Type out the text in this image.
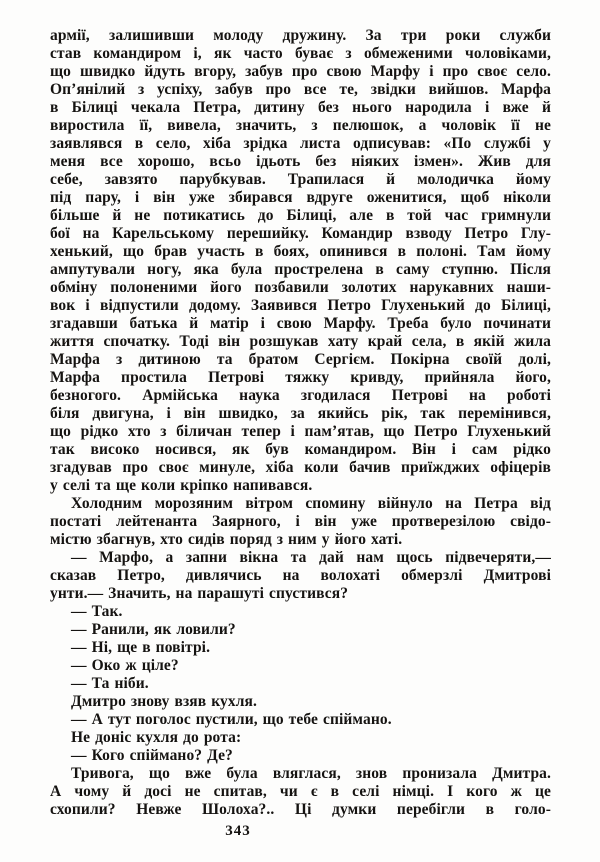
армії, залишивши молоду дружину. За три роки служби
став командиром і, як часто буває з обмеженими чоловіками,
що швидко йдуть вгору, забув про свою Марфу і про своє село.
Оп’янілий з успіху, забув про все те, звідки вийшов. Марфа
в Білиці чекала Петра, дитину без нього народила і вже й
виростила її, вивела, значить, з пелюшок, а чоловік її не
заявлявся в село, хіба зрідка листа одписував: «По службі у
меня все хорошо, всьо ідьоть без ніяких ізмен». Жив для
себе, завзято парубкував. Трапилася й молодичка йому
під пару, і він уже збирався вдруге оженитися, щоб ніколи
більше й не потикатись до Білиці, але в той час гримнули
бої на Карельському перешийку. Командир взводу Петро Глу-
хенький, що брав участь в боях, опинився в полоні. Там йому
ампутували ногу, яка була прострелена в саму ступню. Після
обміну полоненими його позбавили золотих нарукавних наши-
вок і відпустили додому. Заявився Петро Глухенький до Білиці,
згадавши батька й матір і свою Марфу. Треба було починати
життя спочатку. Тоді він розшукав хату край села, в якій жила
Марфа з дитиною та братом Сергієм. Покірна своїй долі,
Марфа простила Петрові тяжку кривду, прийняла його,
безногого. Армійська наука згодилася Петрові на роботі
біля двигуна, і він швидко, за якийсь рік, так перемінився,
що рідко хто з біличан тепер і пам’ятав, що Петро Глухенький
так високо носився, як був командиром. Він і сам рідко
згадував про своє минуле, хіба коли бачив приїжджих офіцерів
у селі та ще коли кріпко напивався.
Холодним морозяним вітром спомину війнуло на Петра від
постаті лейтенанта Заярного, і він уже протверезілою свідо-
містю збагнув, хто сидів поряд з ним у його хаті.
— Марфо, а запни вікна та дай нам щось підвечеряти,—
сказав Петро, дивлячись на волохаті обмерзлі Дмитрові
унти.— Значить, на парашуті спустився?
— Так.
— Ранили, як ловили?
— Ні, ще в повітрі.
— Око ж ціле?
— Та ніби.
Дмитро знову взяв кухля.
— А тут поголос пустили, що тебе спіймано.
Не доніс кухля до рота:
— Кого спіймано? Де?
Тривога, що вже була вляглася, знов пронизала Дмитра.
А чому й досі не спитав, чи є в селі німці. І кого ж це
схопили? Невже Шолоха?.. Ці думки перебігли в голо-
343
